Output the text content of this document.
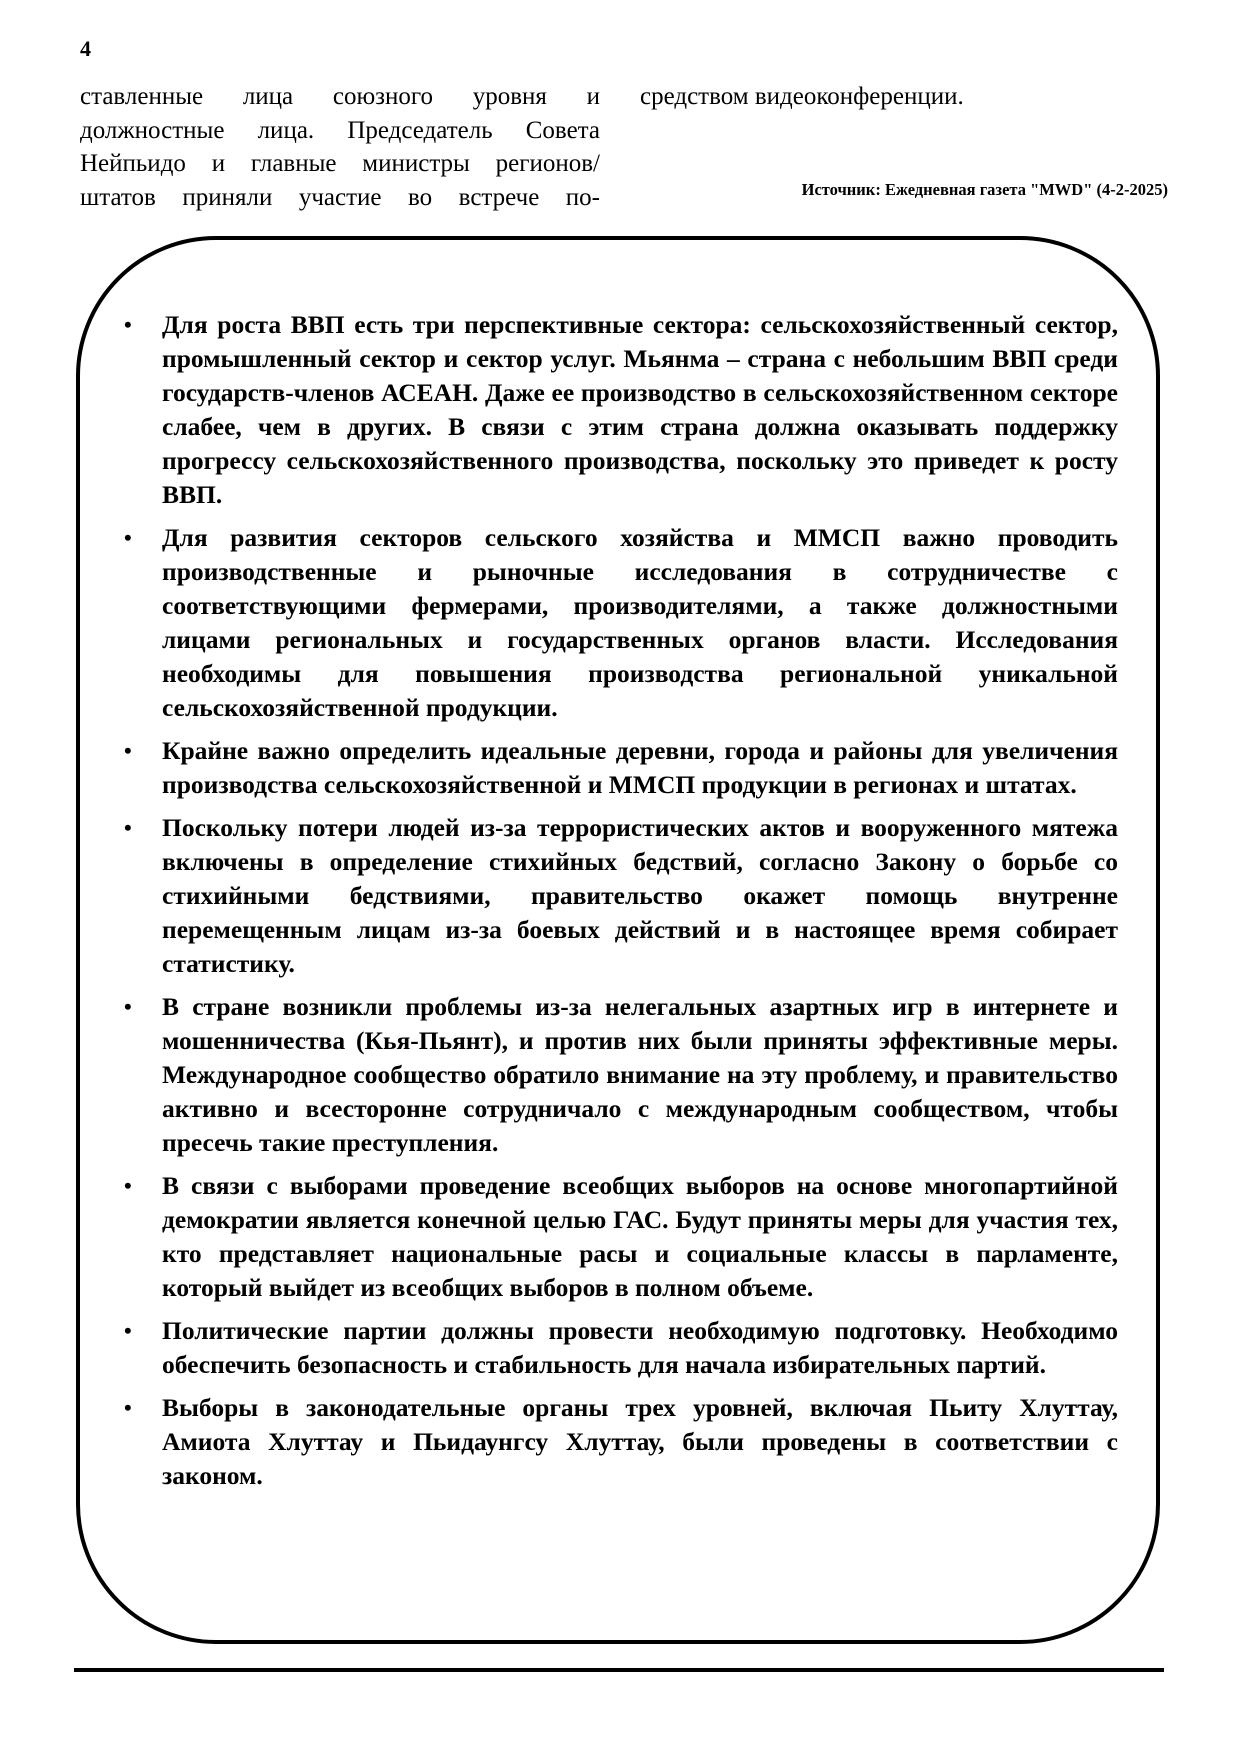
4
ставленные лица союзного уровня и
должностные лица. Председатель Совета
Нейпьидо и главные министры регионов/
штатов приняли участие во встрече по-
средством видеоконференции.
Источник: Ежедневная газета "MWD" (4-2-2025)
• Для роста ВВП есть три перспективные сектора: сельскохозяйственный сектор, промышленный сектор и сектор услуг. Мьянма – страна с небольшим ВВП среди государств-членов АСЕАН. Даже ее производство в сельскохозяйственном секторе слабее, чем в других. В связи с этим страна должна оказывать поддержку прогрессу сельскохозяйственного производства, поскольку это приведет к росту ВВП.
• Для развития секторов сельского хозяйства и ММСП важно проводить производственные и рыночные исследования в сотрудничестве с соответствующими фермерами, производителями, а также должностными лицами региональных и государственных органов власти. Исследования необходимы для повышения производства региональной уникальной сельскохозяйственной продукции.
• Крайне важно определить идеальные деревни, города и районы для увеличения производства сельскохозяйственной и ММСП продукции в регионах и штатах.
• Поскольку потери людей из-за террористических актов и вооруженного мятежа включены в определение стихийных бедствий, согласно Закону о борьбе со стихийными бедствиями, правительство окажет помощь внутренне перемещенным лицам из-за боевых действий и в настоящее время собирает статистику.
• В стране возникли проблемы из-за нелегальных азартных игр в интернете и мошенничества (Кья-Пьянт), и против них были приняты эффективные меры. Международное сообщество обратило внимание на эту проблему, и правительство активно и всесторонне сотрудничало с международным сообществом, чтобы пресечь такие преступления.
• В связи с выборами проведение всеобщих выборов на основе многопартийной демократии является конечной целью ГАС. Будут приняты меры для участия тех, кто представляет национальные расы и социальные классы в парламенте, который выйдет из всеобщих выборов в полном объеме.
• Политические партии должны провести необходимую подготовку. Необходимо обеспечить безопасность и стабильность для начала избирательных партий.
• Выборы в законодательные органы трех уровней, включая Пьиту Хлуттау, Амиота Хлуттау и Пьидаунгсу Хлуттау, были проведены в соответствии с законом.
